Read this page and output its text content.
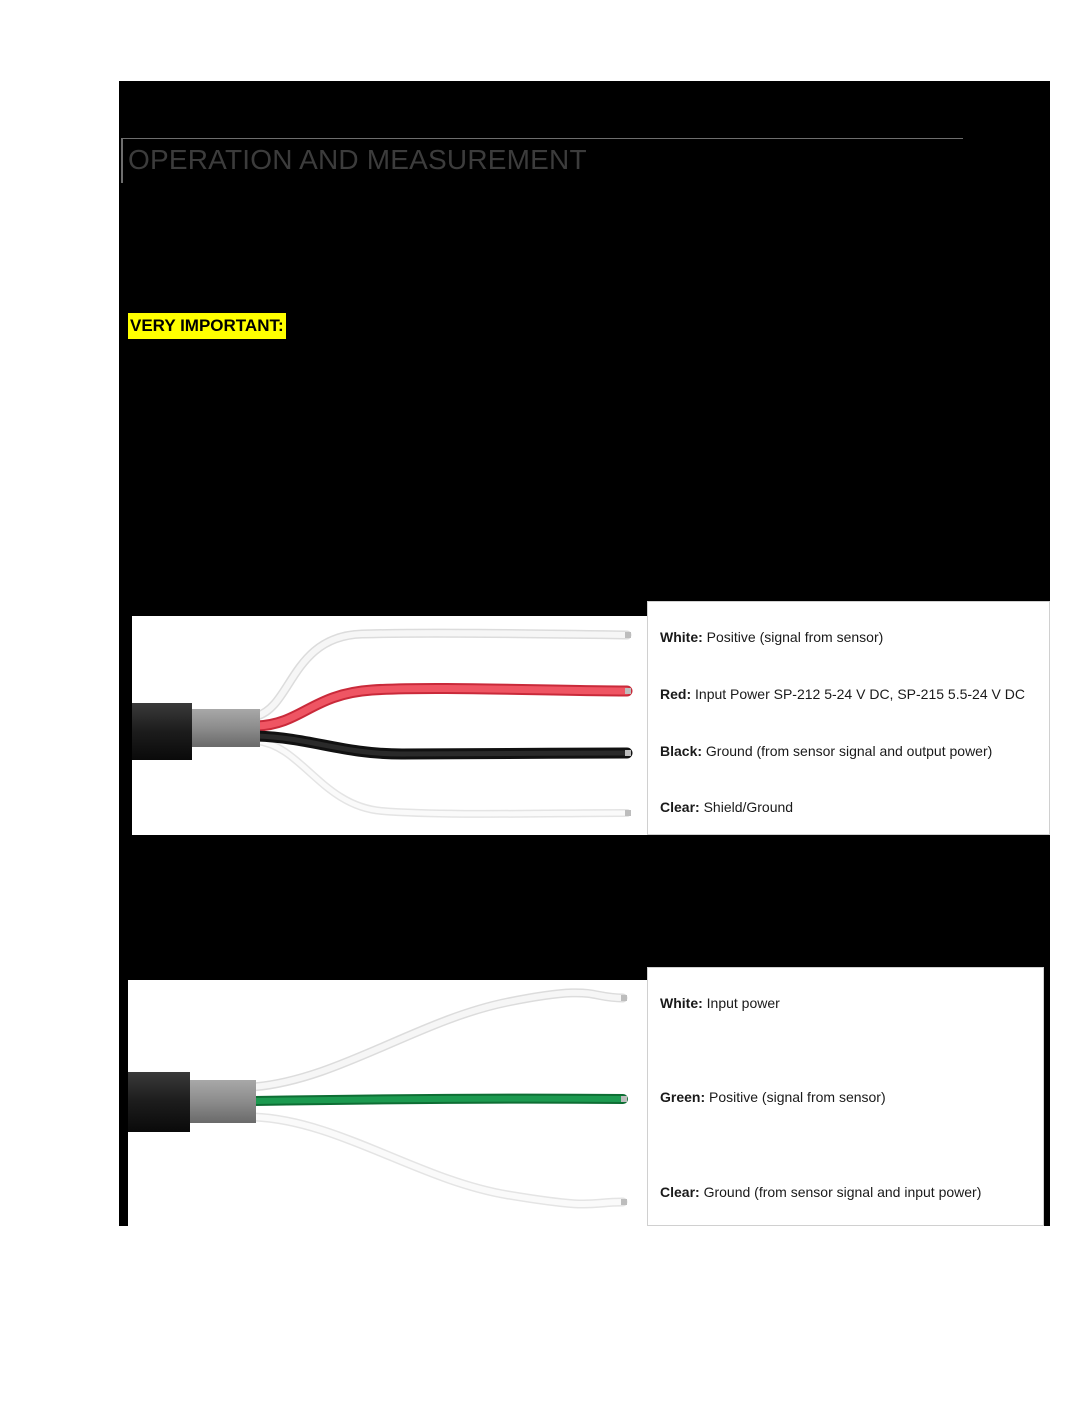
OPERATION AND MEASUREMENT
VERY IMPORTANT:
White: Positive (signal from sensor)
Red: Input Power SP-212 5-24 V DC, SP-215 5.5-24 V DC
Black: Ground (from sensor signal and output power)
Clear: Shield/Ground
White: Input power
Green: Positive (signal from sensor)
Clear: Ground (from sensor signal and input power)
